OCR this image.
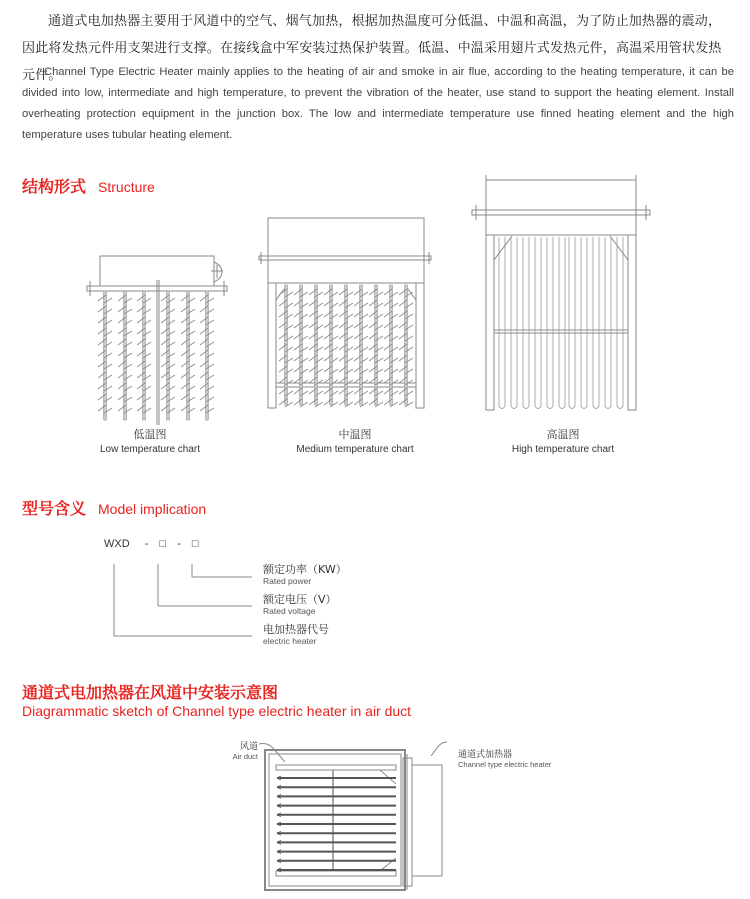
通道式电加热器主要用于风道中的空气、烟气加热，根据加热温度可分低温、中温和高温，为了防止加热器的震动，因此将发热元件用支架进行支撑。在接线盒中军安装过热保护装置。低温、中温采用翅片式发热元件，高温采用管状发热元件。
Channel Type Electric Heater mainly applies to the heating of air and smoke in air flue, according to the heating temperature, it can be divided into low, intermediate and high temperature, to prevent the vibration of the heater, use stand to support the heating element. Install overheating protection equipment in the junction box. The low and intermediate temperature use finned heating element and the high temperature uses tubular heating element.
结构形式 Structure
低温图
Low temperature chart
中温图
Medium temperature chart
高温图
High temperature chart
型号含义 Model implication
WXD - □ - □
额定功率（KW）
Rated power
额定电压（V）
Rated voltage
电加热器代号
electric heater
通道式电加热器在风道中安装示意图
Diagrammatic sketch of Channel type electric heater in air duct
风道
Air duct	通道式加热器
Channel type electric heater
